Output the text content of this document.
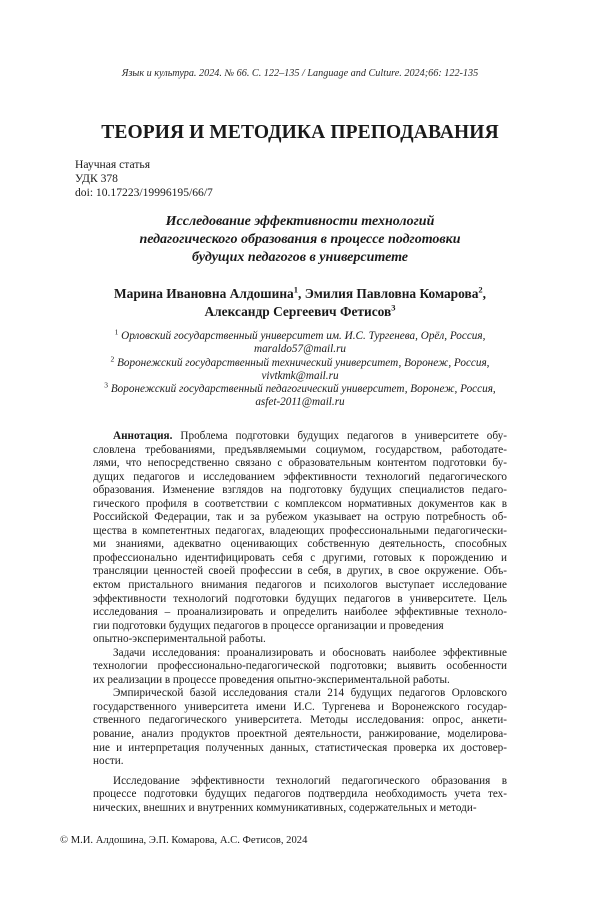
Язык и культура. 2024. № 66. С. 122–135 / Language and Culture. 2024;66: 122-135
ТЕОРИЯ И МЕТОДИКА ПРЕПОДАВАНИЯ
Научная статья
УДК 378
doi: 10.17223/19996195/66/7
Исследование эффективности технологий
педагогического образования в процессе подготовки
будущих педагогов в университете
Марина Ивановна Алдошина$^1$, Эмилия Павловна Комарова$^2$,
Александр Сергеевич Фетисов$^3$
$^1$ Орловский государственный университет им. И.С. Тургенева, Орёл, Россия,
maraldo57@mail.ru
$^2$ Воронежский государственный технический университет, Воронеж, Россия,
vivtkmk@mail.ru
$^3$ Воронежский государственный педагогический университет, Воронеж, Россия,
asfet-2011@mail.ru
Аннотация. Проблема подготовки будущих педагогов в университете обу-
словлена требованиями, предъявляемыми социумом, государством, работодате-
лями, что непосредственно связано с образовательным контентом подготовки бу-
дущих педагогов и исследованием эффективности технологий педагогического
образования. Изменение взглядов на подготовку будущих специалистов педаго-
гического профиля в соответствии с комплексом нормативных документов как в
Российской Федерации, так и за рубежом указывает на острую потребность об-
щества в компетентных педагогах, владеющих профессиональными педагогически-
ми знаниями, адекватно оценивающих собственную деятельность, способных
профессионально идентифицировать себя с другими, готовых к порождению и
трансляции ценностей своей профессии в себя, в других, в свое окружение. Объ-
ектом пристального внимания педагогов и психологов выступает исследование
эффективности технологий подготовки будущих педагогов в университете. Цель
исследования – проанализировать и определить наиболее эффективные техноло-
гии подготовки будущих педагогов в процессе организации и проведения
опытно-экспериментальной работы.
Задачи исследования: проанализировать и обосновать наиболее эффективные
технологии профессионально-педагогической подготовки; выявить особенности
их реализации в процессе проведения опытно-экспериментальной работы.
Эмпирической базой исследования стали 214 будущих педагогов Орловского
государственного университета имени И.С. Тургенева и Воронежского государ-
ственного педагогического университета. Методы исследования: опрос, анкети-
рование, анализ продуктов проектной деятельности, ранжирование, моделирова-
ние и интерпретация полученных данных, статистическая проверка их достовер-
ности.
Исследование эффективности технологий педагогического образования в
процессе подготовки будущих педагогов подтвердила необходимость учета тех-
нических, внешних и внутренних коммуникативных, содержательных и методи-
© М.И. Алдошина, Э.П. Комарова, А.С. Фетисов, 2024
